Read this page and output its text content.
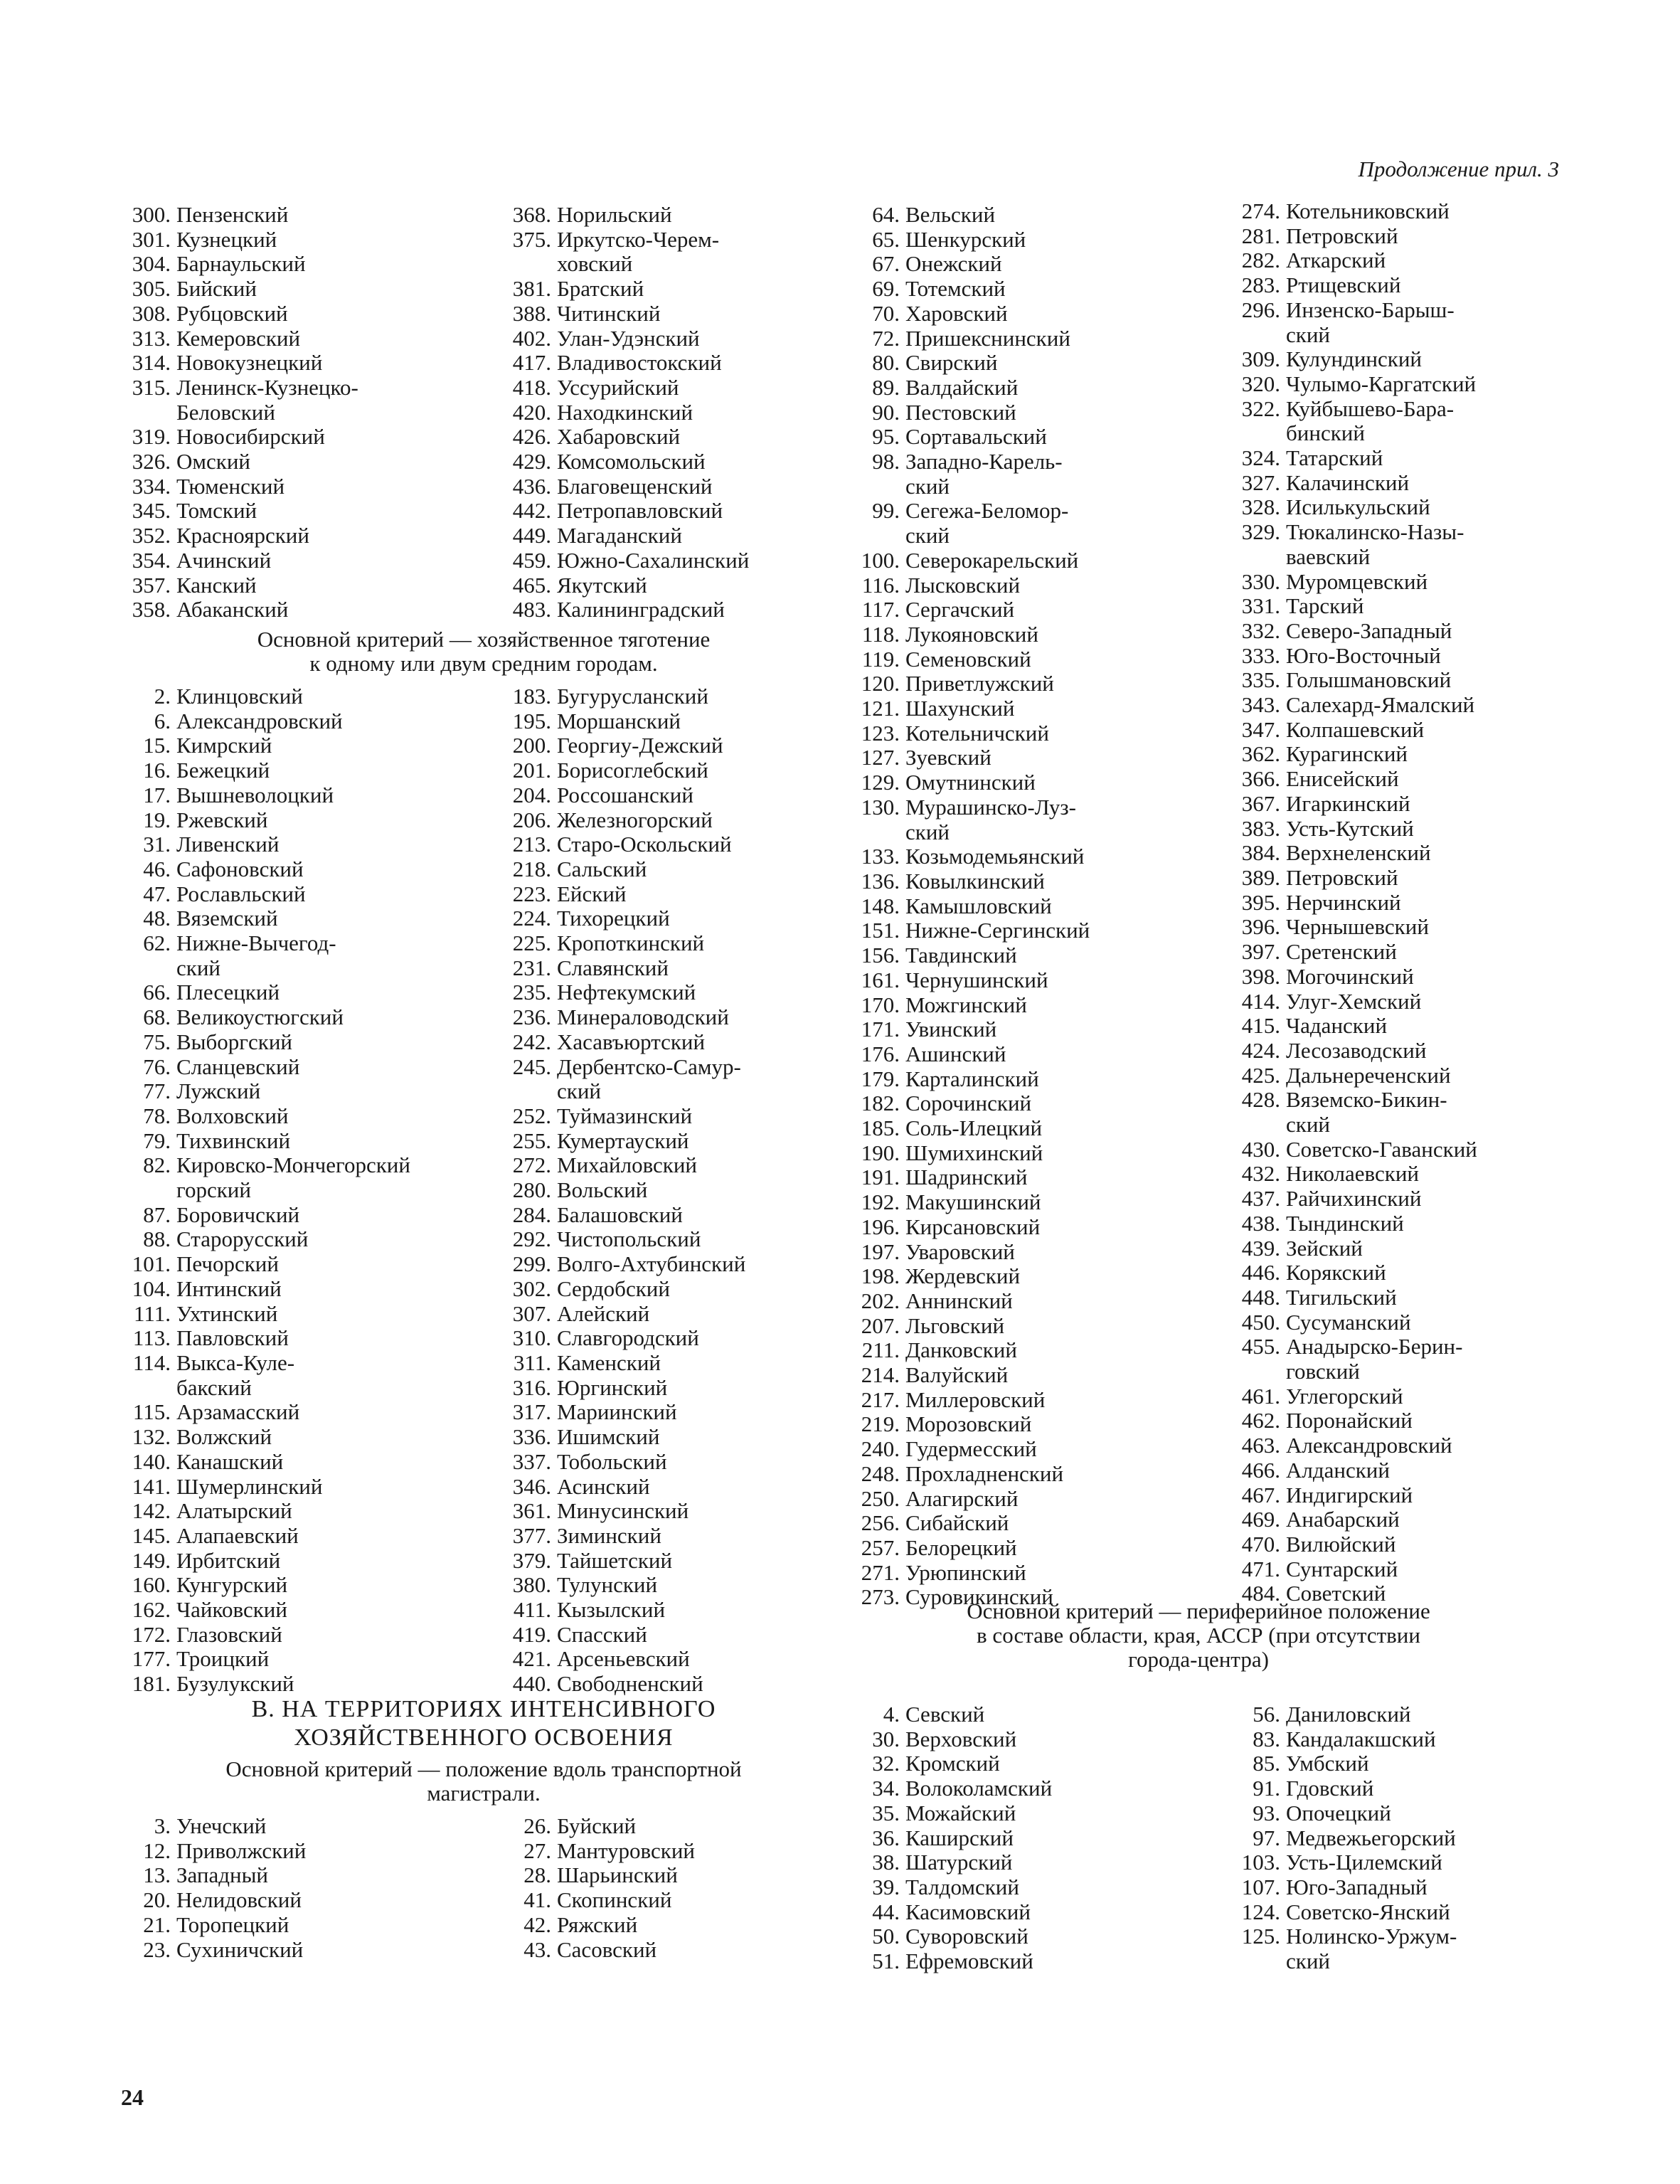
Продолжение прил. 3
300. Пензенский
301. Кузнецкий
304. Барнаульский
305. Бийский
308. Рубцовский
313. Кемеровский
314. Новокузнецкий
315. Ленинск-Кузнецко-
Беловский
319. Новосибирский
326. Омский
334. Тюменский
345. Томский
352. Красноярский
354. Ачинский
357. Канский
358. Абаканский
368. Норильский
375. Иркутско-Черем-
ховский
381. Братский
388. Читинский
402. Улан-Удэнский
417. Владивостокский
418. Уссурийский
420. Находкинский
426. Хабаровский
429. Комсомольский
436. Благовещенский
442. Петропавловский
449. Магаданский
459. Южно-Сахалинский
465. Якутский
483. Калининградский
Основной критерий — хозяйственное тяготение
к одному или двум средним городам.
2. Клинцовский
6. Александровский
15. Кимрский
16. Бежецкий
17. Вышневолоцкий
19. Ржевский
31. Ливенский
46. Сафоновский
47. Рославльский
48. Вяземский
62. Нижне-Вычегод-
ский
66. Плесецкий
68. Великоустюгский
75. Выборгский
76. Сланцевский
77. Лужский
78. Волховский
79. Тихвинский
82. Кировско-Мончегорский
горский
87. Боровичский
88. Старорусский
101. Печорский
104. Интинский
111. Ухтинский
113. Павловский
114. Выкса-Куле-
бакский
115. Арзамасский
132. Волжский
140. Канашский
141. Шумерлинский
142. Алатырский
145. Алапаевский
149. Ирбитский
160. Кунгурский
162. Чайковский
172. Глазовский
177. Троицкий
181. Бузулукский
183. Бугурусланский
195. Моршанский
200. Георгиу-Дежский
201. Борисоглебский
204. Россошанский
206. Железногорский
213. Старо-Оскольский
218. Сальский
223. Ейский
224. Тихорецкий
225. Кропоткинский
231. Славянский
235. Нефтекумский
236. Минераловодский
242. Хасавъюртский
245. Дербентско-Самур-
ский
252. Туймазинский
255. Кумертауский
272. Михайловский
280. Вольский
284. Балашовский
292. Чистопольский
299. Волго-Ахтубинский
302. Сердобский
307. Алейский
310. Славгородский
311. Каменский
316. Юргинский
317. Мариинский
336. Ишимский
337. Тобольский
346. Асинский
361. Минусинский
377. Зиминский
379. Тайшетский
380. Тулунский
411. Кызылский
419. Спасский
421. Арсеньевский
440. Свободненский
В. НА ТЕРРИТОРИЯХ ИНТЕНСИВНОГО
ХОЗЯЙСТВЕННОГО ОСВОЕНИЯ
Основной критерий — положение вдоль транспортной
магистрали.
3. Унечский
12. Приволжский
13. Западный
20. Нелидовский
21. Торопецкий
23. Сухиничский
26. Буйский
27. Мантуровский
28. Шарьинский
41. Скопинский
42. Ряжский
43. Сасовский
64. Вельский
65. Шенкурский
67. Онежский
69. Тотемский
70. Харовский
72. Пришекснинский
80. Свирский
89. Валдайский
90. Пестовский
95. Сортавальский
98. Западно-Карель-
ский
99. Сегежа-Беломор-
ский
100. Северокарельский
116. Лысковский
117. Сергачский
118. Лукояновский
119. Семеновский
120. Приветлужский
121. Шахунский
123. Котельничский
127. Зуевский
129. Омутнинский
130. Мурашинско-Луз-
ский
133. Козьмодемьянский
136. Ковылкинский
148. Камышловский
151. Нижне-Сергинский
156. Тавдинский
161. Чернушинский
170. Можгинский
171. Увинский
176. Ашинский
179. Карталинский
182. Сорочинский
185. Соль-Илецкий
190. Шумихинский
191. Шадринский
192. Макушинский
196. Кирсановский
197. Уваровский
198. Жердевский
202. Аннинский
207. Льговский
211. Данковский
214. Валуйский
217. Миллеровский
219. Морозовский
240. Гудермесский
248. Прохладненский
250. Алагирский
256. Сибайский
257. Белорецкий
271. Урюпинский
273. Суровикинский
274. Котельниковский
281. Петровский
282. Аткарский
283. Ртищевский
296. Инзенско-Барыш-
ский
309. Кулундинский
320. Чулымо-Каргатский
322. Куйбышево-Бара-
бинский
324. Татарский
327. Калачинский
328. Исилькульский
329. Тюкалинско-Назы-
ваевский
330. Муромцевский
331. Тарский
332. Северо-Западный
333. Юго-Восточный
335. Голышмановский
343. Салехард-Ямалский
347. Колпашевский
362. Курагинский
366. Енисейский
367. Игаркинский
383. Усть-Кутский
384. Верхнеленский
389. Петровский
395. Нерчинский
396. Чернышевский
397. Сретенский
398. Могочинский
414. Улуг-Хемский
415. Чаданский
424. Лесозаводский
425. Дальнереченский
428. Вяземско-Бикин-
ский
430. Советско-Гаванский
432. Николаевский
437. Райчихинский
438. Тындинский
439. Зейский
446. Корякский
448. Тигильский
450. Сусуманский
455. Анадырско-Берин-
говский
461. Углегорский
462. Поронайский
463. Александровский
466. Алданский
467. Индигирский
469. Анабарский
470. Вилюйский
471. Сунтарский
484. Советский
Основной критерий — периферийное положение
в составе области, края, АССР (при отсутствии
города-центра)
4. Севский
30. Верховский
32. Кромский
34. Волоколамский
35. Можайский
36. Каширский
38. Шатурский
39. Талдомский
44. Касимовский
50. Суворовский
51. Ефремовский
56. Даниловский
83. Кандалакшский
85. Умбский
91. Гдовский
93. Опочецкий
97. Медвежьегорский
103. Усть-Цилемский
107. Юго-Западный
124. Советско-Янский
125. Нолинско-Уржум-
ский
24
